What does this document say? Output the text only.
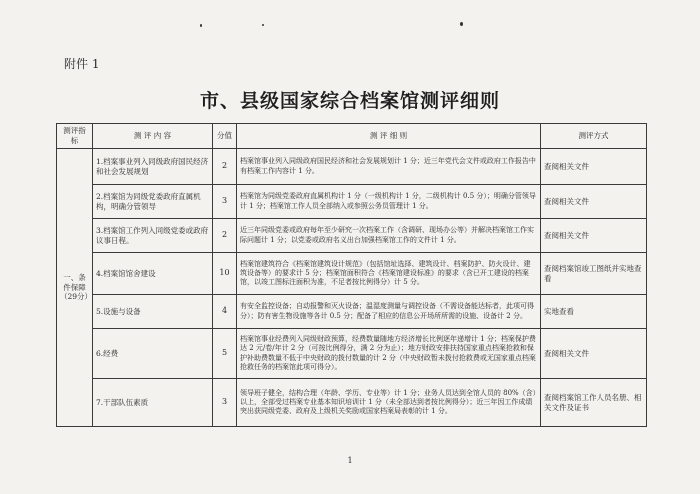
附件 1
市、县级国家综合档案馆测评细则
测评指标	测 评 内 容	分值	测 评 细 则	测评方式
一、条件保障（29分）	1.档案事业列入同级政府国民经济和社会发展规划	2	档案馆事业列入同级政府国民经济和社会发展规划计 1 分；近三年党代会文件或政府工作报告中有档案工作内容计 1 分。	查阅相关文件
	2.档案馆为同级党委政府直属机构，明确分管领导	3	档案馆为同级党委政府直属机构计 1 分（一级机构计 1 分，二级机构计 0.5 分）；明确分管领导计 1 分；档案馆工作人员全部纳入或参照公务员管理计 1 分。	查阅相关文件
	3.档案馆工作列入同级党委或政府议事日程。	2	近三年同级党委或政府每年至少研究一次档案工作（含调研、现场办公等）并解决档案馆工作实际问题计 1 分；以党委或政府名义出台加强档案馆工作的文件计 1 分。	查阅相关文件
	4.档案馆馆舍建设	10	档案馆建筑符合《档案馆建筑设计规范》（包括馆址选择、建筑设计、档案防护、防火设计、建筑设备等）的要求计 5 分；档案馆面积符合《档案馆建设标准》的要求（含已开工建设的档案馆，以竣工图标注面积为准，不足者按比例得分）计 5 分。	查阅档案馆竣工图纸并实地查看
	5.设施与设备	4	有安全监控设备；自动报警和灭火设备；温湿度测量与调控设备（不需设备能达标者，此项可得分）；防有害生物设施等各计 0.5 分；配备了相应的信息公开场所所需的设施、设备计 2 分。	实地查看
	6.经费	5	档案馆事业经费列入同级财政预算，经费数量随地方经济增长比例逐年递增计 1 分；档案保护费达 2 元/卷/年计 2 分（可按比例得分，满 2 分为止）；地方财政安排扶持国家重点档案抢救和保护补助费数量不低于中央财政的拨付数量的计 2 分（中央财政暂未拨付抢救费或无国家重点档案抢救任务的档案馆此项可得分）。	查阅相关文件
	7.干部队伍素质	3	领导班子健全，结构合理（年龄、学历、专业等）计 1 分；业务人员达到全馆人员的 80%（含）以上，全部受过档案专业基本知识培训计 1 分（未全部达到者按比例得分）；近三年因工作成绩突出获同级党委、政府及上级机关奖励或国家档案局表彰的计 1 分。	查阅档案馆工作人员名册、相关文件及证书
1
